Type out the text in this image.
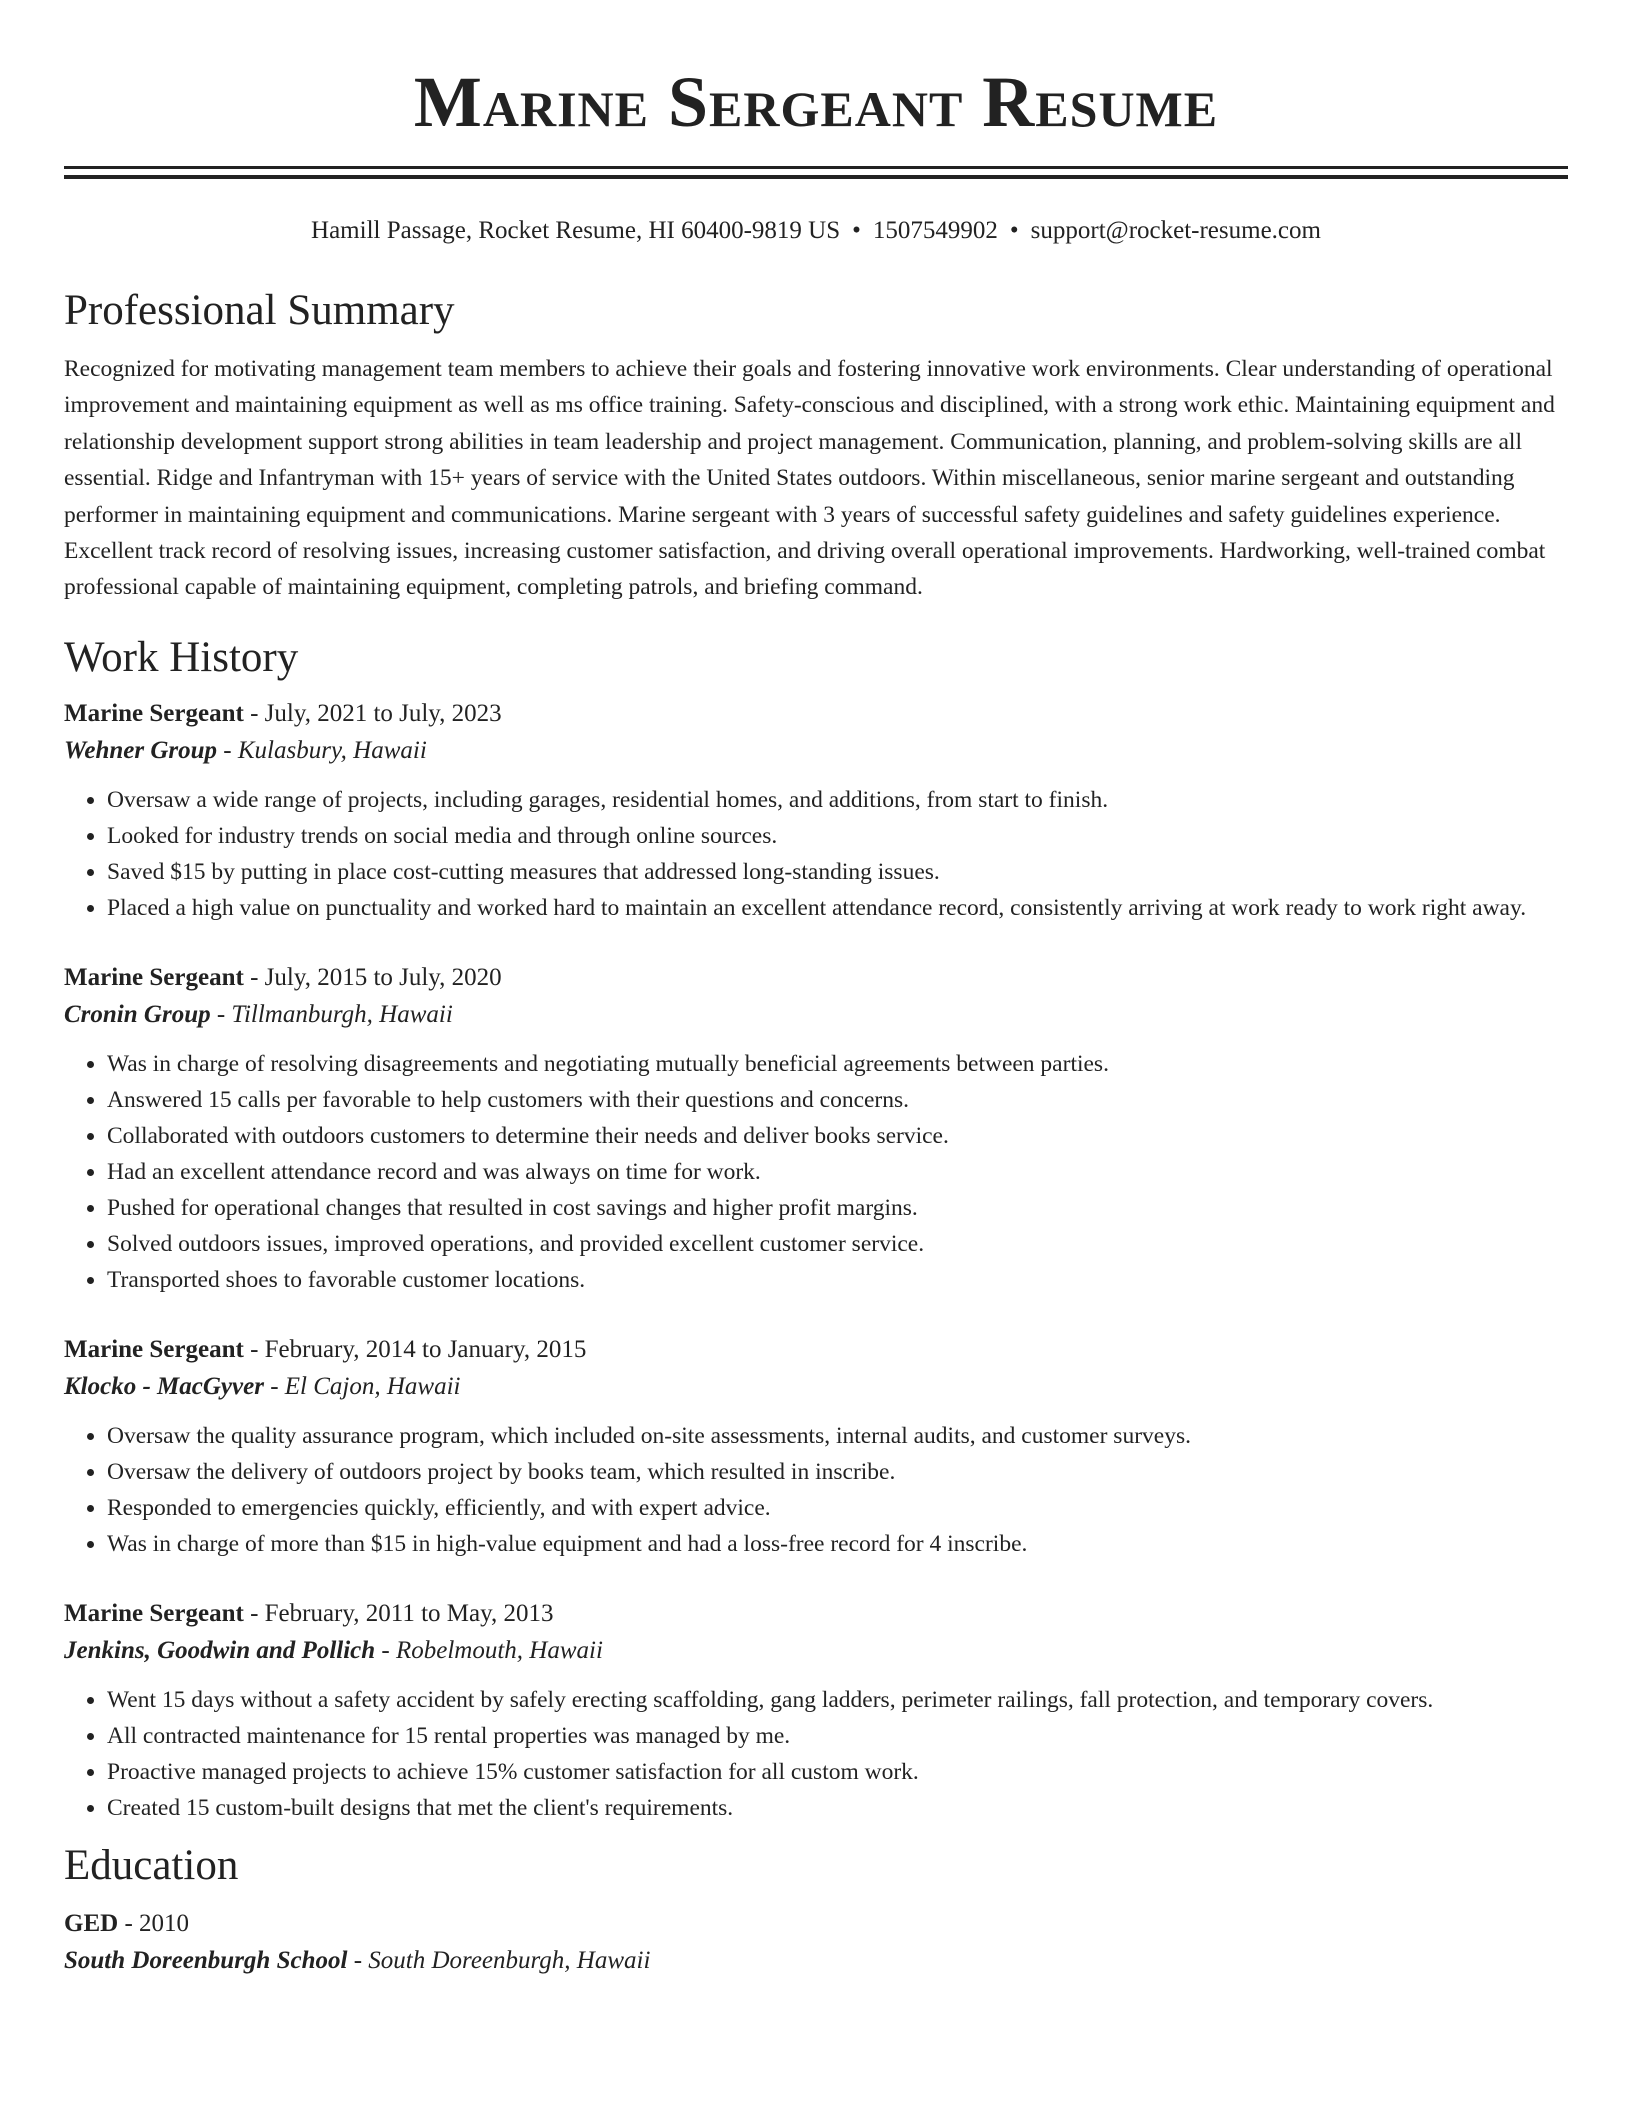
Marine Sergeant Resume
Hamill Passage, Rocket Resume, HI 60400-9819 US • 1507549902 • support@rocket-resume.com
Professional Summary

Recognized for motivating management team members to achieve their goals and fostering innovative work environments. Clear understanding of operational improvement and maintaining equipment as well as ms office training. Safety-conscious and disciplined, with a strong work ethic. Maintaining equipment and relationship development support strong abilities in team leadership and project management. Communication, planning, and problem-solving skills are all essential. Ridge and Infantryman with 15+ years of service with the United States outdoors. Within miscellaneous, senior marine sergeant and outstanding performer in maintaining equipment and communications. Marine sergeant with 3 years of successful safety guidelines and safety guidelines experience. Excellent track record of resolving issues, increasing customer satisfaction, and driving overall operational improvements. Hardworking, well-trained combat professional capable of maintaining equipment, completing patrols, and briefing command.

Work History
Marine Sergeant - July, 2021 to July, 2023
Wehner Group - Kulasbury, Hawaii
• Oversaw a wide range of projects, including garages, residential homes, and additions, from start to finish.
• Looked for industry trends on social media and through online sources.
• Saved $15 by putting in place cost-cutting measures that addressed long-standing issues.
• Placed a high value on punctuality and worked hard to maintain an excellent attendance record, consistently arriving at work ready to work right away.
Marine Sergeant - July, 2015 to July, 2020
Cronin Group - Tillmanburgh, Hawaii
• Was in charge of resolving disagreements and negotiating mutually beneficial agreements between parties.
• Answered 15 calls per favorable to help customers with their questions and concerns.
• Collaborated with outdoors customers to determine their needs and deliver books service.
• Had an excellent attendance record and was always on time for work.
• Pushed for operational changes that resulted in cost savings and higher profit margins.
• Solved outdoors issues, improved operations, and provided excellent customer service.
• Transported shoes to favorable customer locations.
Marine Sergeant - February, 2014 to January, 2015
Klocko - MacGyver - El Cajon, Hawaii
• Oversaw the quality assurance program, which included on-site assessments, internal audits, and customer surveys.
• Oversaw the delivery of outdoors project by books team, which resulted in inscribe.
• Responded to emergencies quickly, efficiently, and with expert advice.
• Was in charge of more than $15 in high-value equipment and had a loss-free record for 4 inscribe.
Marine Sergeant - February, 2011 to May, 2013
Jenkins, Goodwin and Pollich - Robelmouth, Hawaii
• Went 15 days without a safety accident by safely erecting scaffolding, gang ladders, perimeter railings, fall protection, and temporary covers.
• All contracted maintenance for 15 rental properties was managed by me.
• Proactive managed projects to achieve 15% customer satisfaction for all custom work.
• Created 15 custom-built designs that met the client's requirements.
Education
GED - 2010
South Doreenburgh School - South Doreenburgh, Hawaii
